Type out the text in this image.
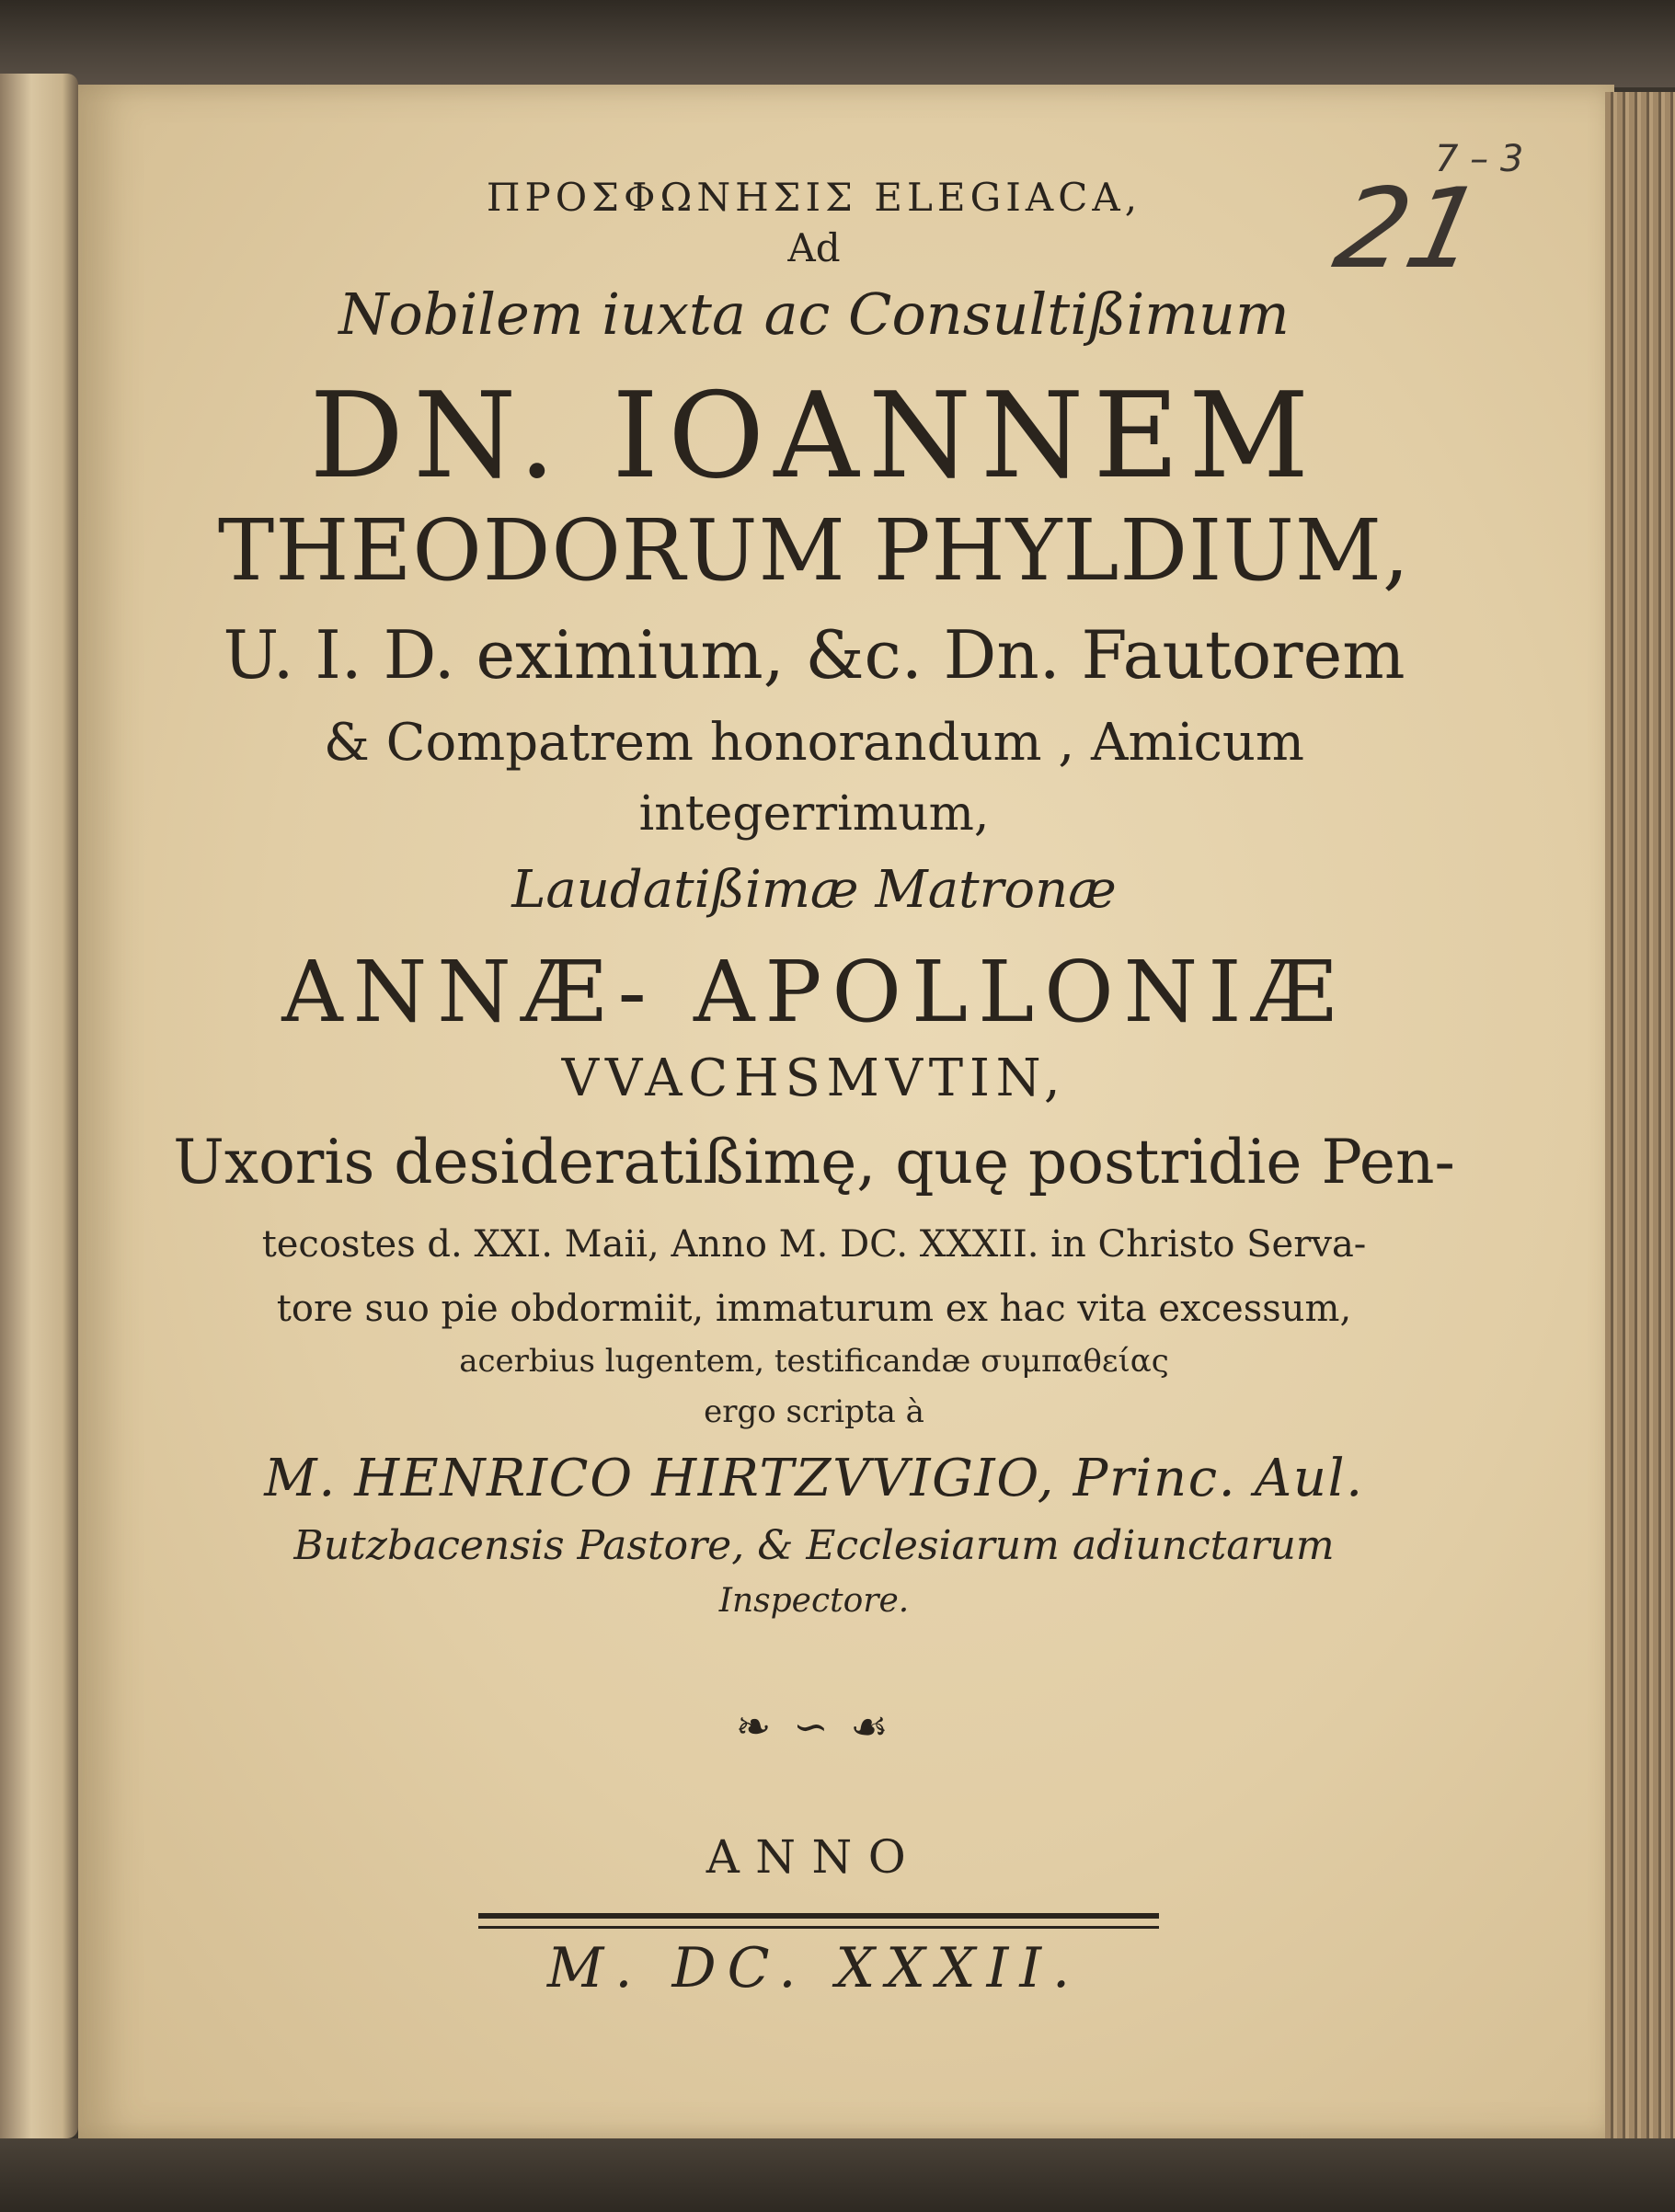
21
7 – 3

ΠΡΟΣΦΩΝΗΣΙΣ ELEGIACA,

Ad

Nobilem iuxta ac Consultißimum

DN. IOANNEM

THEODORUM PHYLDIUM,

U. I. D. eximium, &c. Dn. Fautorem

& Compatrem honorandum , Amicum

integerrimum,

Laudatißimæ Matronæ

ANNÆ- APOLLONIÆ

VVACHSMVTIN,

Uxoris desideratißimę, quę postridie Pen-

tecostes d. XXI. Maii, Anno M. DC. XXXII. in Christo Serva-

tore suo pie obdormiit, immaturum ex hac vita excessum,

acerbius lugentem, testificandæ συμπαθείας

ergo scripta à

M. HENRICO HIRTZVVIGIO, Princ. Aul.

Butzbacensis Pastore, & Ecclesiarum adiunctarum

Inspectore.

❧ ∽ ☙

ANNO

M. DC. XXXII.
